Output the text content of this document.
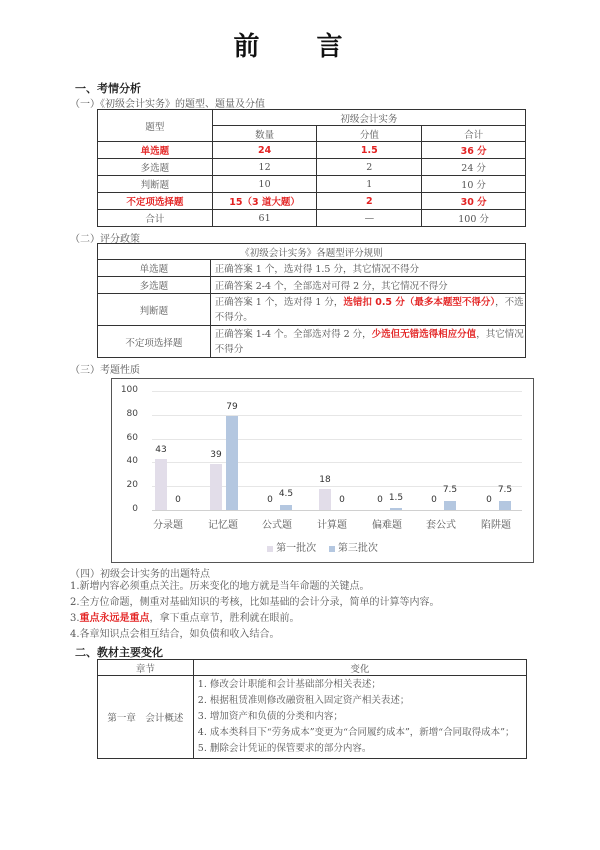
前 言
一、考情分析
（一）《初级会计实务》的题型、题量及分值
题型	初级会计实务		
	数量	分值	合计
单选题	24	1.5	36 分
多选题	12	2	24 分
判断题	10	1	10 分
不定项选择题	15（3 道大题）	2	30 分
合计	61	—	100 分
（二）评分政策
《初级会计实务》各题型评分规则	
单选题	正确答案 1 个，选对得 1.5 分，其它情况不得分
多选题	正确答案 2-4 个，全部选对可得 2 分，其它情况不得分
判断题	正确答案 1 个，选对得 1 分，选错扣 0.5 分（最多本题型不得分），不选不得分。
不定项选择题	正确答案 1-4 个。全部选对得 2 分，少选但无错选得相应分值，其它情况不得分
（三）考题性质
100
80
60
40
20
0
43
0
分录题
39
79
记忆题
0
4.5
公式题
18
0
计算题
0 1.5
偏难题
0
7.5
套公式
0
7.5
陷阱题
第一批次 第三批次
（四）初级会计实务的出题特点
1.新增内容必须重点关注。历来变化的地方就是当年命题的关键点。
2.全方位命题，侧重对基础知识的考核，比如基础的会计分录，简单的计算等内容。
3.重点永远是重点，拿下重点章节，胜利就在眼前。
4.各章知识点会相互结合，如负债和收入结合。
二、教材主要变化
章节	变化
第一章　会计概述	1. 修改会计职能和会计基础部分相关表述；
2. 根据租赁准则修改融资租入固定资产相关表述；
3. 增加资产和负债的分类和内容；
4. 成本类科目下“劳务成本”变更为“合同履约成本”，新增“合同取得成本”；
5. 删除会计凭证的保管要求的部分内容。
